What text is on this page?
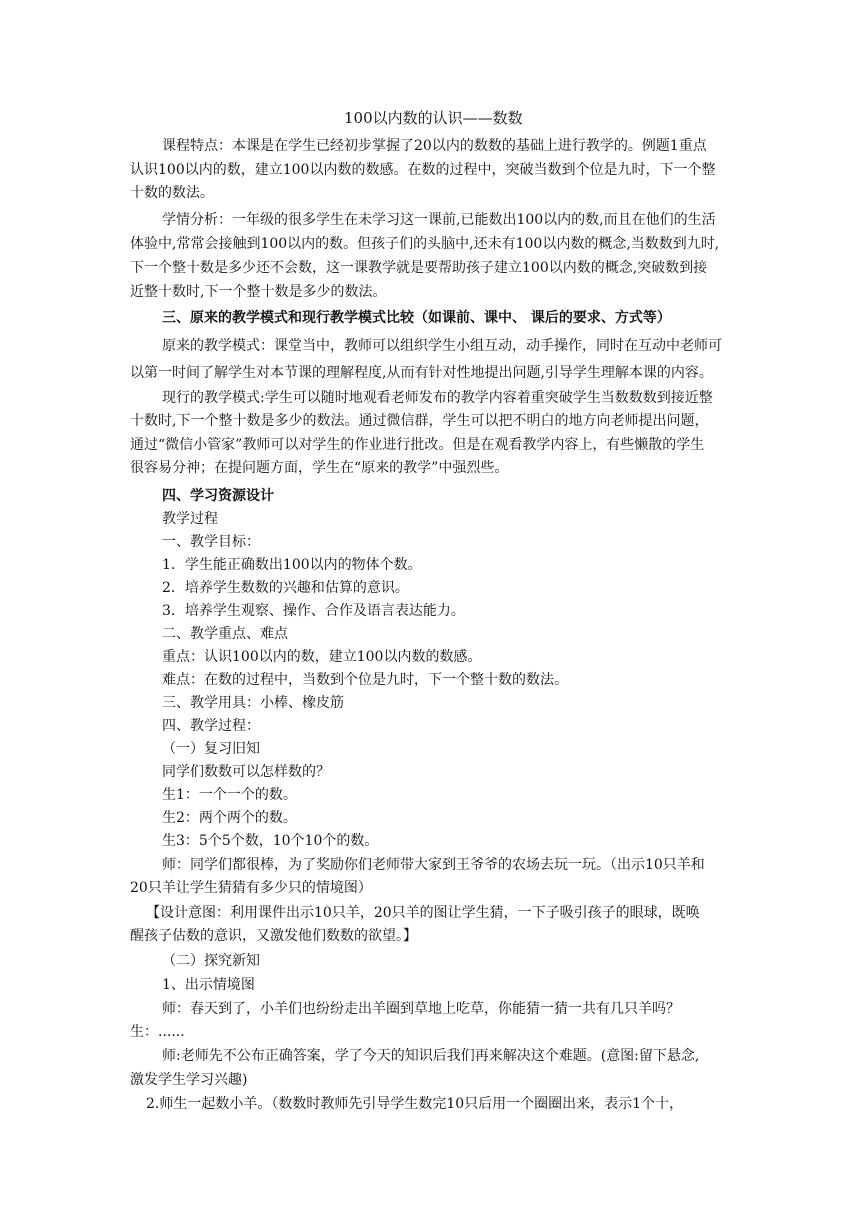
100以内数的认识——数数
课程特点：本课是在学生已经初步掌握了20以内的数数的基础上进行教学的。例题1重点
认识100以内的数，建立100以内数的数感。在数的过程中，突破当数到个位是九时，下一个整
十数的数法。
学情分析：一年级的很多学生在未学习这一课前,已能数出100以内的数,而且在他们的生活
体验中,常常会接触到100以内的数。但孩子们的头脑中,还未有100以内数的概念,当数数到九时,
下一个整十数是多少还不会数，这一课教学就是要帮助孩子建立100以内数的概念,突破数到接
近整十数时,下一个整十数是多少的数法。
三、原来的教学模式和现行教学模式比较（如课前、课中、 课后的要求、方式等）
原来的教学模式：课堂当中，教师可以组织学生小组互动，动手操作，同时在互动中老师可
以第一时间了解学生对本节课的理解程度,从而有针对性地提出问题,引导学生理解本课的内容。
现行的教学模式:学生可以随时地观看老师发布的教学内容着重突破学生当数数数到接近整
十数时,下一个整十数是多少的数法。通过微信群，学生可以把不明白的地方向老师提出问题，
通过“微信小管家”教师可以对学生的作业进行批改。但是在观看教学内容上，有些懒散的学生
很容易分神；在提问题方面，学生在“原来的教学”中强烈些。
四、学习资源设计
教学过程
一、教学目标：
1．学生能正确数出100以内的物体个数。
2．培养学生数数的兴趣和估算的意识。
3．培养学生观察、操作、合作及语言表达能力。
二、教学重点、难点
重点：认识100以内的数，建立100以内数的数感。
难点：在数的过程中，当数到个位是九时，下一个整十数的数法。
三、教学用具：小棒、橡皮筋
四、教学过程：
（一）复习旧知
同学们数数可以怎样数的？
生1：一个一个的数。
生2：两个两个的数。
生3：5个5个数，10个10个的数。
师：同学们都很棒，为了奖励你们老师带大家到王爷爷的农场去玩一玩。（出示10只羊和
20只羊让学生猜猜有多少只的情境图）
【设计意图：利用课件出示10只羊，20只羊的图让学生猜，一下子吸引孩子的眼球，既唤
醒孩子估数的意识，又激发他们数数的欲望。】
（二）探究新知
1、出示情境图
师：春天到了，小羊们也纷纷走出羊圈到草地上吃草，你能猜一猜一共有几只羊吗？
生：......
师:老师先不公布正确答案，学了今天的知识后我们再来解决这个难题。(意图:留下悬念,
激发学生学习兴趣)
2.师生一起数小羊。（数数时教师先引导学生数完10只后用一个圈圈出来，表示1个十，
